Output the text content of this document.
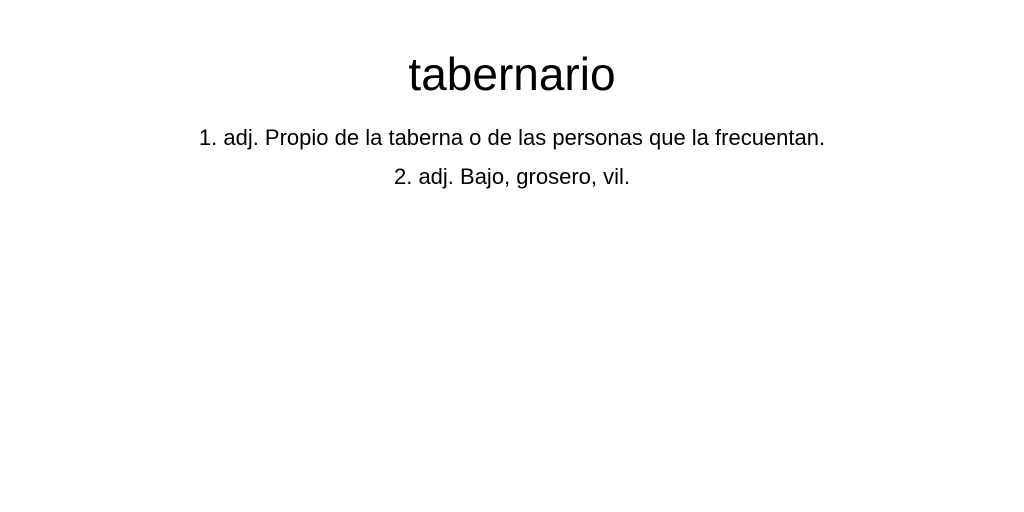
tabernario
1. adj. Propio de la taberna o de las personas que la frecuentan.
2. adj. Bajo, grosero, vil.
